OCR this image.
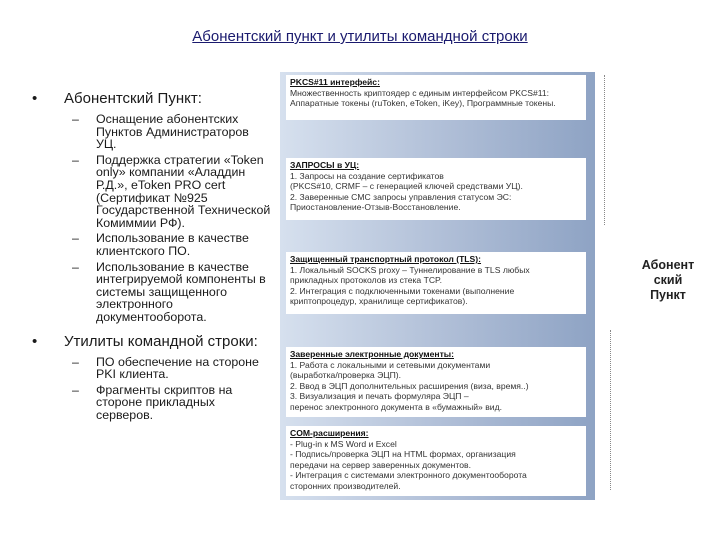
Абонентский пункт и утилиты командной строки
• Абонентский Пункт:
– Оснащение абонентских Пунктов Администраторов УЦ.
– Поддержка стратегии «Token only» компании «Аладдин Р.Д.», eToken PRO cert (Сертификат №925 Государственной Технической Комиммии РФ).
– Использование в качестве клиентского ПО.
– Использование в качестве интегрируемой компоненты в системы защищенного электронного документооборота.
• Утилиты командной строки:
– ПО обеспечение на стороне PKI клиента.
– Фрагменты скриптов на стороне прикладных серверов.
PKCS#11 интерфейс:
Множественность криптоядер с единым интерфейсом PKCS#11:
Аппаратные токены (ruToken, eToken, iKey), Программные токены.
ЗАПРОСЫ в УЦ:
1. Запросы на создание сертификатов
(PKCS#10, CRMF – с генерацией ключей средствами УЦ).
2. Заверенные CMC запросы управления статусом ЭС:
Приостановление-Отзыв-Восстановление.
Защищенный транспортный протокол (TLS):
1. Локальный SOCKS proxy – Туннелирование в TLS любых
прикладных протоколов из стека TCP.
2. Интеграция с подключенными токенами (выполнение
криптопроцедур, хранилище сертификатов).
Заверенные электронные документы:
1. Работа с локальными и сетевыми документами
(выработка/проверка ЭЦП).
2. Ввод в ЭЦП дополнительных расширения (виза, время..)
3. Визуализация и печать формуляра ЭЦП –
перенос электронного документа в «бумажный» вид.
COM-расширения:
- Plug-in к MS Word и Excel
- Подпись/проверка ЭЦП на HTML формах, организация
передачи на сервер заверенных документов.
- Интеграция с системами электронного документооборота
сторонних производителей.
Абонент
ский
Пункт
